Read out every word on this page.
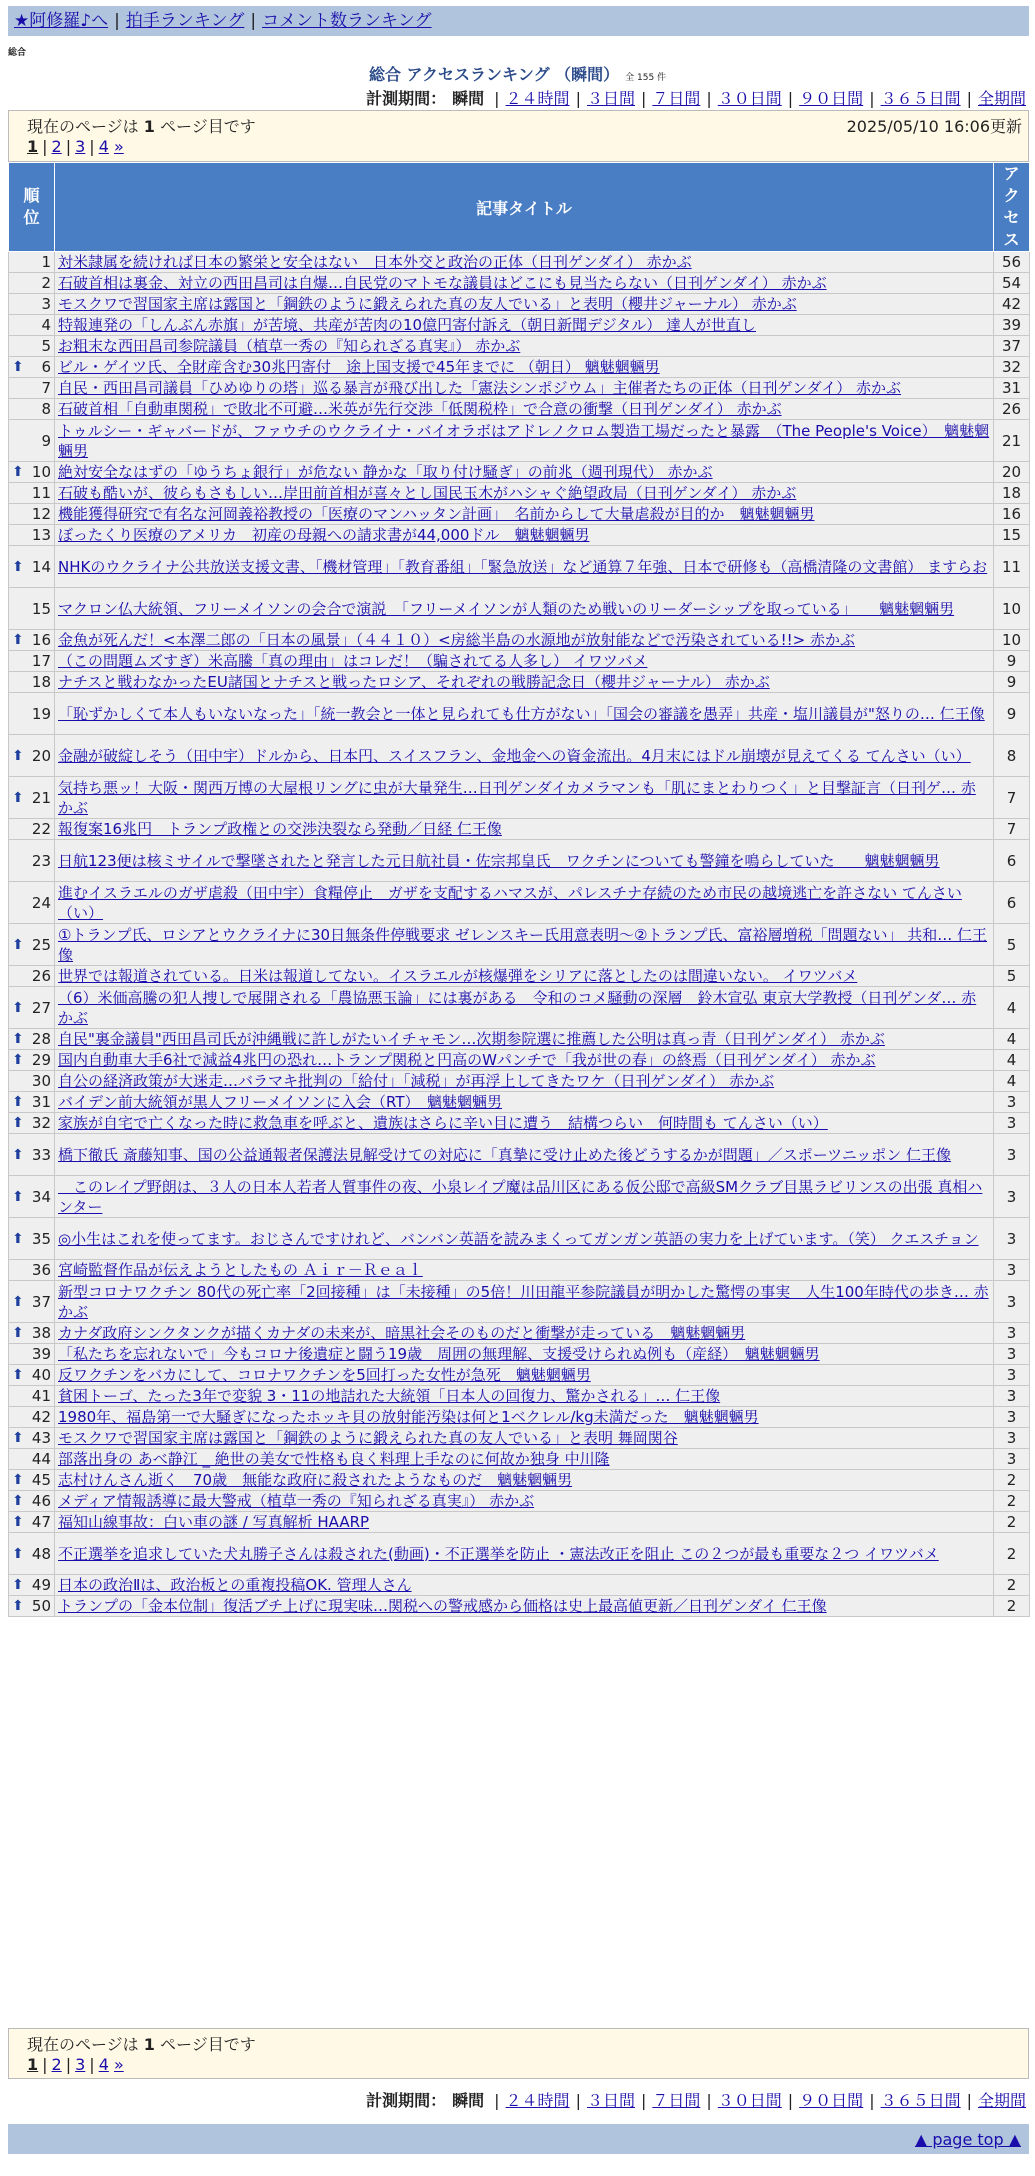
★阿修羅♪へ | 拍手ランキング | コメント数ランキング
総合
総合 アクセスランキング （瞬間） 全 155 件
計測期間： 瞬間 | ２４時間 | ３日間 | ７日間 | ３０日間 | ９０日間 | ３６５日間 | 全期間
現在のページは 1 ページ目です	2025/05/10 16:06更新
1 | 2 | 3 | 4 »
順位	記事タイトル	アクセス
1	対米隷属を続ければ日本の繁栄と安全はない　日本外交と政治の正体（日刊ゲンダイ） 赤かぶ	56
2	石破首相は裏金、対立の西田昌司は自爆…自民党のマトモな議員はどこにも見当たらない（日刊ゲンダイ） 赤かぶ	54
3	モスクワで習国家主席は露国と「鋼鉄のように鍛えられた真の友人でいる」と表明（櫻井ジャーナル） 赤かぶ	42
4	特報連発の「しんぶん赤旗」が苦境、共産が苦肉の10億円寄付訴え（朝日新聞デジタル） 達人が世直し	39
5	お粗末な西田昌司参院議員（植草一秀の『知られざる真実』） 赤かぶ	37

⬆ 6	ビル・ゲイツ氏、全財産含む30兆円寄付　途上国支援で45年までに （朝日） 魑魅魍魎男	32
7	自民・西田昌司議員「ひめゆりの塔」巡る暴言が飛び出した「憲法シンポジウム」主催者たちの正体（日刊ゲンダイ） 赤かぶ	31
8	石破首相「自動車関税」で敗北不可避…米英が先行交渉「低関税枠」で合意の衝撃（日刊ゲンダイ） 赤かぶ	26
9	トゥルシー・ギャバードが、ファウチのウクライナ・バイオラボはアドレノクロム製造工場だったと暴露　（The People's Voice）　魑魅魍魎男	21

⬆ 10	絶対安全なはずの「ゆうちょ銀行」が危ない 静かな「取り付け騒ぎ」の前兆（週刊現代） 赤かぶ	20
11	石破も酷いが、彼らもさもしい…岸田前首相が喜々とし国民玉木がハシャぐ絶望政局（日刊ゲンダイ） 赤かぶ	18
12	機能獲得研究で有名な河岡義裕教授の「医療のマンハッタン計画」　名前からして大量虐殺が目的か　魑魅魍魎男	16
13	ぼったくり医療のアメリカ　初産の母親への請求書が44,000ドル　魑魅魍魎男	15

⬆ 14	NHKのウクライナ公共放送支援文書、「機材管理」「教育番組」「緊急放送」など通算７年強、日本で研修も（高橋清隆の文書館） ますらお	11
15	マクロン仏大統領、フリーメイソンの会合で演説　「フリーメイソンが人類のため戦いのリーダーシップを取っている」　　魑魅魍魎男	10

⬆ 16	金魚が死んだ！<本澤二郎の「日本の風景」（４４１０）<房総半島の水源地が放射能などで汚染されている!!> 赤かぶ	10
17	（この問題ムズすぎ）米高騰「真の理由」はコレだ！（騙されてる人多し） イワツバメ	9
18	ナチスと戦わなかったEU諸国とナチスと戦ったロシア、それぞれの戦勝記念日（櫻井ジャーナル） 赤かぶ	9
19	「恥ずかしくて本人もいないなった」「統一教会と一体と見られても仕方がない」「国会の審議を愚弄」共産・塩川議員が"怒りの… 仁王像	9

⬆ 20	金融が破綻しそう（田中宇）ドルから、日本円、スイスフラン、金地金への資金流出。4月末にはドル崩壊が見えてくる てんさい（い）	8

⬆ 21	気持ち悪ッ！大阪・関西万博の大屋根リングに虫が大量発生…日刊ゲンダイカメラマンも「肌にまとわりつく」と目撃証言（日刊ゲ… 赤かぶ	7
22	報復案16兆円　トランプ政権との交渉決裂なら発動／日経 仁王像	7
23	日航123便は核ミサイルで撃墜されたと発言した元日航社員・佐宗邦皇氏　ワクチンについても警鐘を鳴らしていた　　魑魅魍魎男	6
24	進むイスラエルのガザ虐殺（田中宇）食糧停止　ガザを支配するハマスが、パレスチナ存続のため市民の越境逃亡を許さない てんさい（い）	6

⬆ 25	①トランプ氏、ロシアとウクライナに30日無条件停戦要求 ゼレンスキー氏用意表明～②トランプ氏、富裕層増税「問題ない」 共和… 仁王像	5
26	世界では報道されている。日米は報道してない。イスラエルが核爆弾をシリアに落としたのは間違いない。 イワツバメ	5

⬆ 27	（6）米価高騰の犯人捜しで展開される「農協悪玉論」には裏がある　令和のコメ騒動の深層　鈴木宣弘 東京大学教授（日刊ゲンダ… 赤かぶ	4

⬆ 28	自民"裏金議員"西田昌司氏が沖縄戦に許しがたいイチャモン…次期参院選に推薦した公明は真っ青（日刊ゲンダイ） 赤かぶ	4

⬆ 29	国内自動車大手6社で減益4兆円の恐れ…トランプ関税と円高のWパンチで「我が世の春」の終焉（日刊ゲンダイ） 赤かぶ	4
30	自公の経済政策が大迷走…バラマキ批判の「給付」「減税」が再浮上してきたワケ（日刊ゲンダイ） 赤かぶ	4

⬆ 31	バイデン前大統領が黒人フリーメイソンに入会（RT）　魑魅魍魎男	3

⬆ 32	家族が自宅で亡くなった時に救急車を呼ぶと、遺族はさらに辛い目に遭う　結構つらい　何時間も てんさい（い）	3

⬆ 33	橋下徹氏 斎藤知事、国の公益通報者保護法見解受けての対応に「真摯に受け止めた後どうするかが問題」／スポーツニッポン 仁王像	3

⬆ 34	　このレイプ野朗は、３人の日本人若者人質事件の夜、小泉レイプ魔は品川区にある仮公邸で高級SMクラブ目黒ラビリンスの出張 真相ハンター	3

⬆ 35	◎小生はこれを使ってます。おじさんですけれど、バンバン英語を読みまくってガンガン英語の実力を上げています。（笑） クエスチョン	3
36	宮崎監督作品が伝えようとしたもの Ａｉｒ－Ｒｅａｌ	3

⬆ 37	新型コロナワクチン 80代の死亡率「2回接種」は「未接種」の5倍！川田龍平参院議員が明かした驚愕の事実　人生100年時代の歩き… 赤かぶ	3

⬆ 38	カナダ政府シンクタンクが描くカナダの未来が、暗黒社会そのものだと衝撃が走っている　魑魅魍魎男	3
39	「私たちを忘れないで」今もコロナ後遺症と闘う19歳　周囲の無理解、支援受けられぬ例も（産経）　魑魅魍魎男	3

⬆ 40	反ワクチンをバカにして、コロナワクチンを5回打った女性が急死　魑魅魍魎男	3
41	貧困トーゴ、たった3年で変貌 3・11の地詰れた大統領「日本人の回復力、驚かされる」… 仁王像	3
42	1980年、福島第一で大騒ぎになったホッキ貝の放射能汚染は何と1ベクレル/kg未満だった　魑魅魍魎男	3

⬆ 43	モスクワで習国家主席は露国と「鋼鉄のように鍛えられた真の友人でいる」と表明 舞岡関谷	3
44	部落出身の あべ静江 _ 絶世の美女で性格も良く料理上手なのに何故か独身 中川隆	3

⬆ 45	志村けんさん逝く　70歳　無能な政府に殺されたようなものだ　魑魅魍魎男	2

⬆ 46	メディア情報誘導に最大警戒（植草一秀の『知られざる真実』） 赤かぶ	2

⬆ 47	福知山線事故：白い車の謎 / 写真解析 HAARP	2

⬆ 48	不正選挙を追求していた犬丸勝子さんは殺された(動画)・不正選挙を防止 ・憲法改正を阻止 この２つが最も重要な２つ イワツバメ	2

⬆ 49	日本の政治Ⅱは、政治板との重複投稿OK. 管理人さん	2

⬆ 50	トランプの「金本位制」復活ブチ上げに現実味…関税への警戒感から価格は史上最高値更新／日刊ゲンダイ 仁王像	2
現在のページは 1 ページ目です
1 | 2 | 3 | 4 »
計測期間： 瞬間 | ２４時間 | ３日間 | ７日間 | ３０日間 | ９０日間 | ３６５日間 | 全期間
▲ page top ▲
